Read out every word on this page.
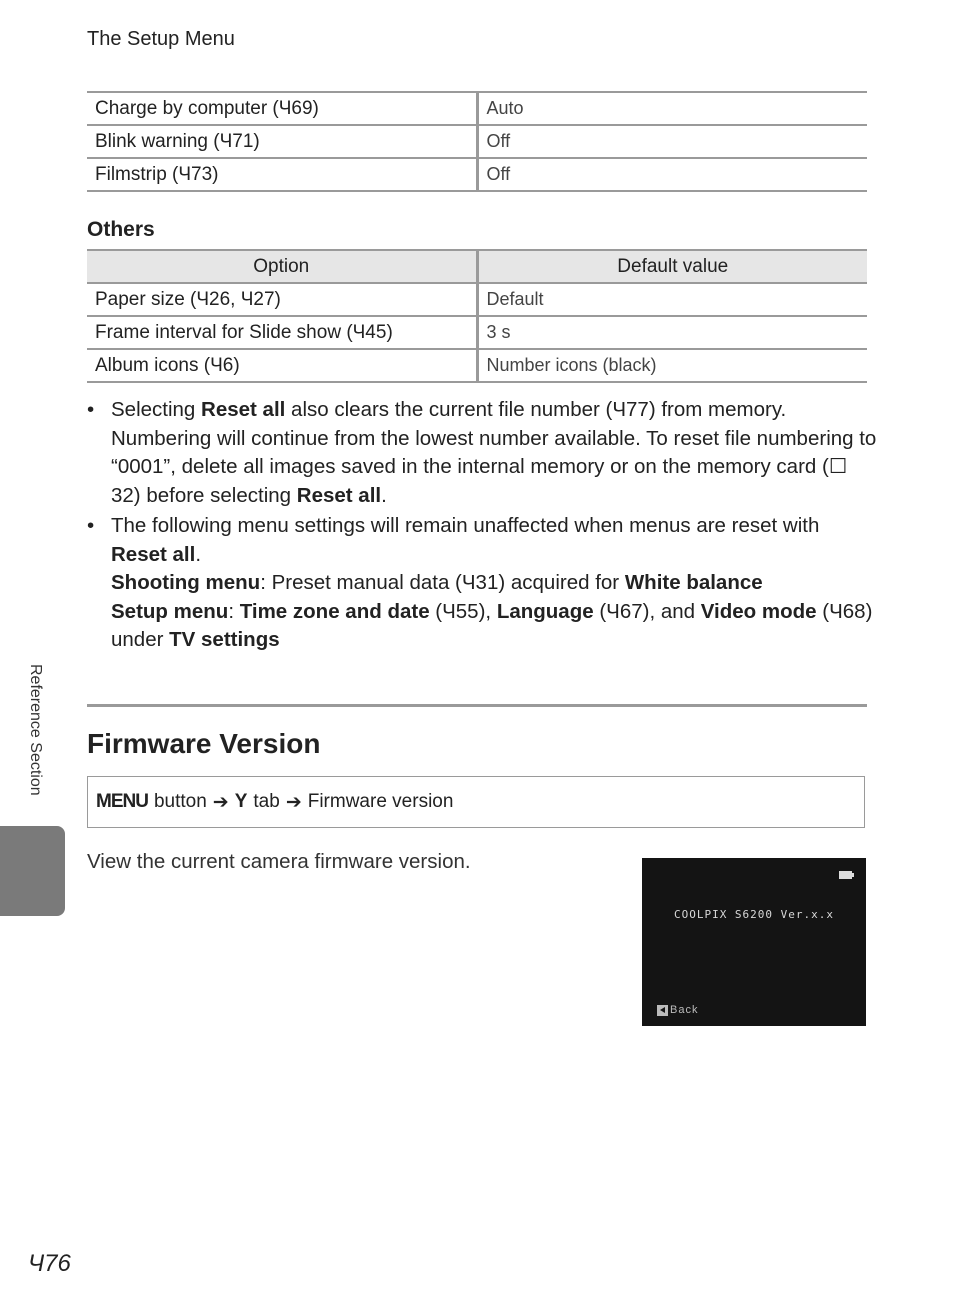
The Setup Menu
Charge by computer (Ч69)	Auto
Blink warning (Ч71)	Off
Filmstrip (Ч73)	Off
Others
Option	Default value
Paper size (Ч26, Ч27)	Default
Frame interval for Slide show (Ч45)	3 s
Album icons (Ч6)	Number icons (black)
• Selecting Reset all also clears the current file number (Ч77) from memory. Numbering will continue from the lowest number available. To reset file numbering to “0001”, delete all images saved in the internal memory or on the memory card (☐ 32) before selecting Reset all.
• The following menu settings will remain unaffected when menus are reset with Reset all.
Shooting menu: Preset manual data (Ч31) acquired for White balance
Setup menu: Time zone and date (Ч55), Language (Ч67), and Video mode (Ч68) under TV settings
Firmware Version
MENU button ➔ Y tab ➔ Firmware version
View the current camera firmware version.
COOLPIX S6200 Ver.x.x
Back
Reference Section
Ч76
